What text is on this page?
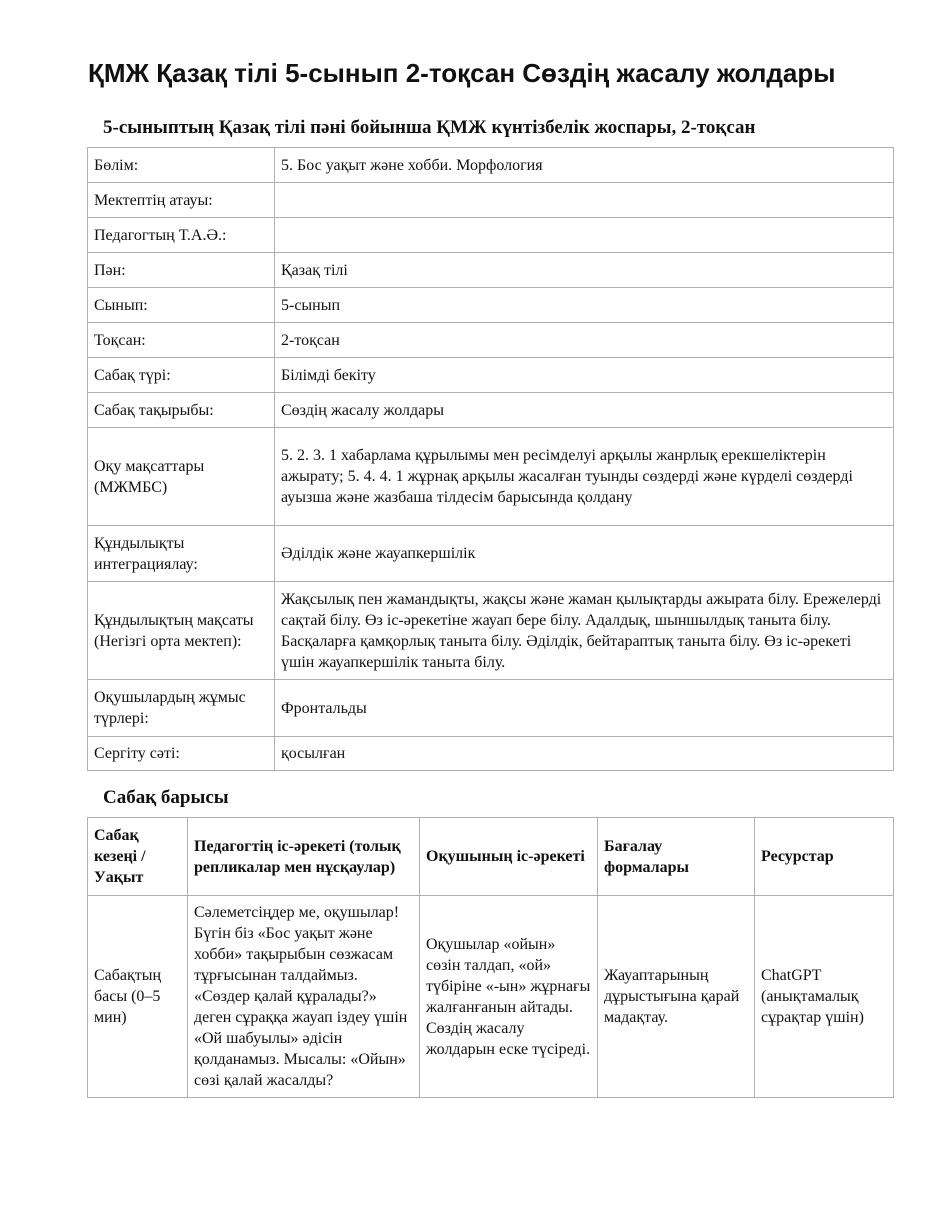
ҚМЖ Қазақ тілі 5-сынып 2-тоқсан Сөздің жасалу жолдары
5-сыныптың Қазақ тілі пәні бойынша ҚМЖ күнтізбелік жоспары, 2-тоқсан
Бөлім:	5. Бос уақыт және хобби. Морфология
Мектептің атауы:	
Педагогтың Т.А.Ә.:	
Пән:	Қазақ тілі
Сынып:	5-сынып
Тоқсан:	2-тоқсан
Сабақ түрі:	Білімді бекіту
Сабақ тақырыбы:	Сөздің жасалу жолдары
Оқу мақсаттары (МЖМБС)	5. 2. 3. 1 хабарлама құрылымы мен ресімделуі арқылы жанрлық ерекшеліктерін ажырату; 5. 4. 4. 1 жұрнақ арқылы жасалған туынды сөздерді және күрделі сөздерді ауызша және жазбаша тілдесім барысында қолдану
Құндылықты интеграциялау:	Әділдік және жауапкершілік
Құндылықтың мақсаты (Негізгі орта мектеп):	Жақсылық пен жамандықты, жақсы және жаман қылықтарды ажырата білу. Ережелерді сақтай білу. Өз іс-әрекетіне жауап бере білу. Адалдық, шыншылдық таныта білу. Басқаларға қамқорлық таныта білу. Әділдік, бейтараптық таныта білу. Өз іс-әрекеті үшін жауапкершілік таныта білу.
Оқушылардың жұмыс түрлері:	Фронтальды
Сергіту сәті:	қосылған
Сабақ барысы
Сабақ кезеңі / Уақыт	Педагогтің іс-әрекеті (толық репликалар мен нұсқаулар)	Оқушының іс-әрекеті	Бағалау формалары	Ресурстар
Сабақтың басы (0–5 мин)	Сәлеметсіңдер ме, оқушылар! Бүгін біз «Бос уақыт және хобби» тақырыбын сөзжасам тұрғысынан талдаймыз. «Сөздер қалай құралады?» деген сұраққа жауап іздеу үшін «Ой шабуылы» әдісін қолданамыз. Мысалы: «Ойын» сөзі қалай жасалды?	Оқушылар «ойын» сөзін талдап, «ой» түбіріне «-ын» жұрнағы жалғанғанын айтады. Сөздің жасалу жолдарын еске түсіреді.	Жауаптарының дұрыстығына қарай мадақтау.	ChatGPT (анықтамалық сұрақтар үшін)
